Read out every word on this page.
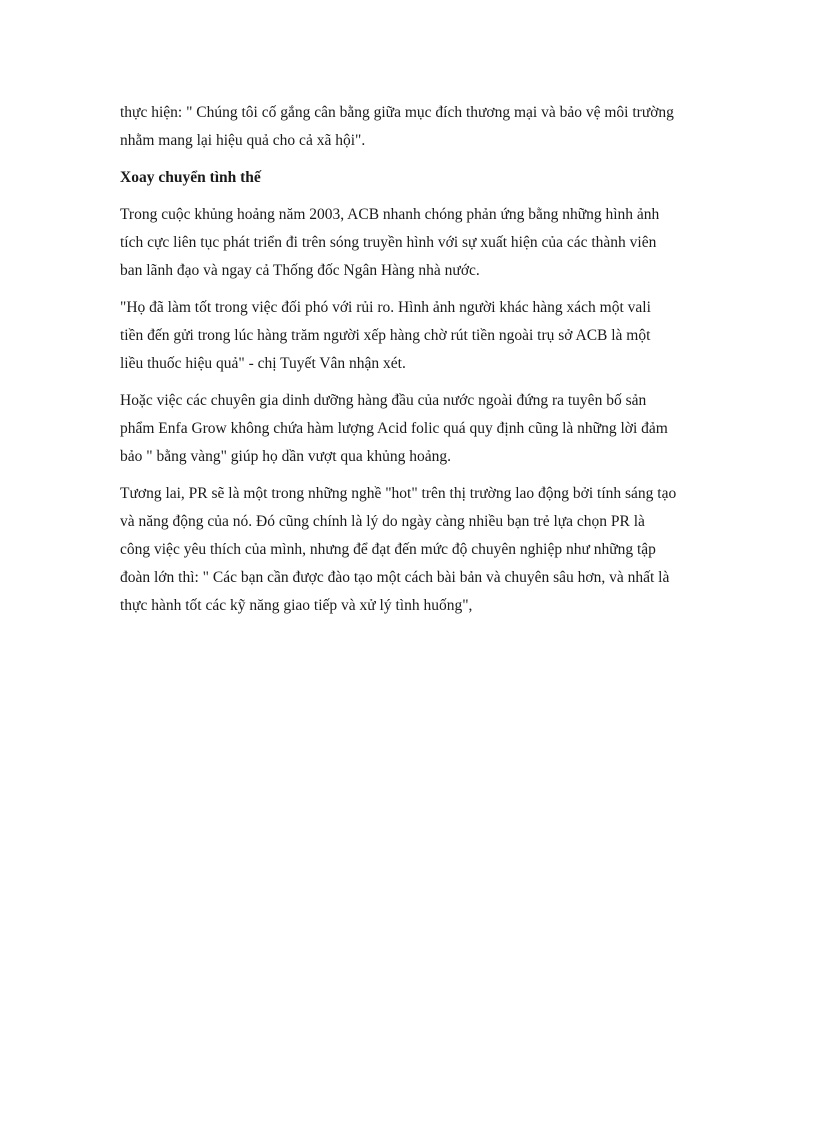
thực hiện: " Chúng tôi cố gắng cân bằng giữa mục đích thương mại và bảo vệ môi trường
nhằm mang lại hiệu quả cho cả xã hội".

Xoay chuyển tình thế

Trong cuộc khủng hoảng năm 2003, ACB nhanh chóng phản ứng bằng những hình ảnh
tích cực liên tục phát triển đi trên sóng truyền hình với sự xuất hiện của các thành viên
ban lãnh đạo và ngay cả Thống đốc Ngân Hàng nhà nước.

"Họ đã làm tốt trong việc đối phó với rủi ro. Hình ảnh người khác hàng xách một vali
tiền đến gửi trong lúc hàng trăm người xếp hàng chờ rút tiền ngoài trụ sở ACB là một
liều thuốc hiệu quả" - chị Tuyết Vân nhận xét.

Hoặc việc các chuyên gia dinh dưỡng hàng đầu của nước ngoài đứng ra tuyên bố sản
phẩm Enfa Grow không chứa hàm lượng Acid folic quá quy định cũng là những lời đảm
bảo " bằng vàng" giúp họ dần vượt qua khủng hoảng.

Tương lai, PR sẽ là một trong những nghề "hot" trên thị trường lao động bởi tính sáng tạo
và năng động của nó. Đó cũng chính là lý do ngày càng nhiều bạn trẻ lựa chọn PR là
công việc yêu thích của mình, nhưng để đạt đến mức độ chuyên nghiệp như những tập
đoàn lớn thì: " Các bạn cần được đào tạo một cách bài bản và chuyên sâu hơn, và nhất là
thực hành tốt các kỹ năng giao tiếp và xử lý tình huống",
